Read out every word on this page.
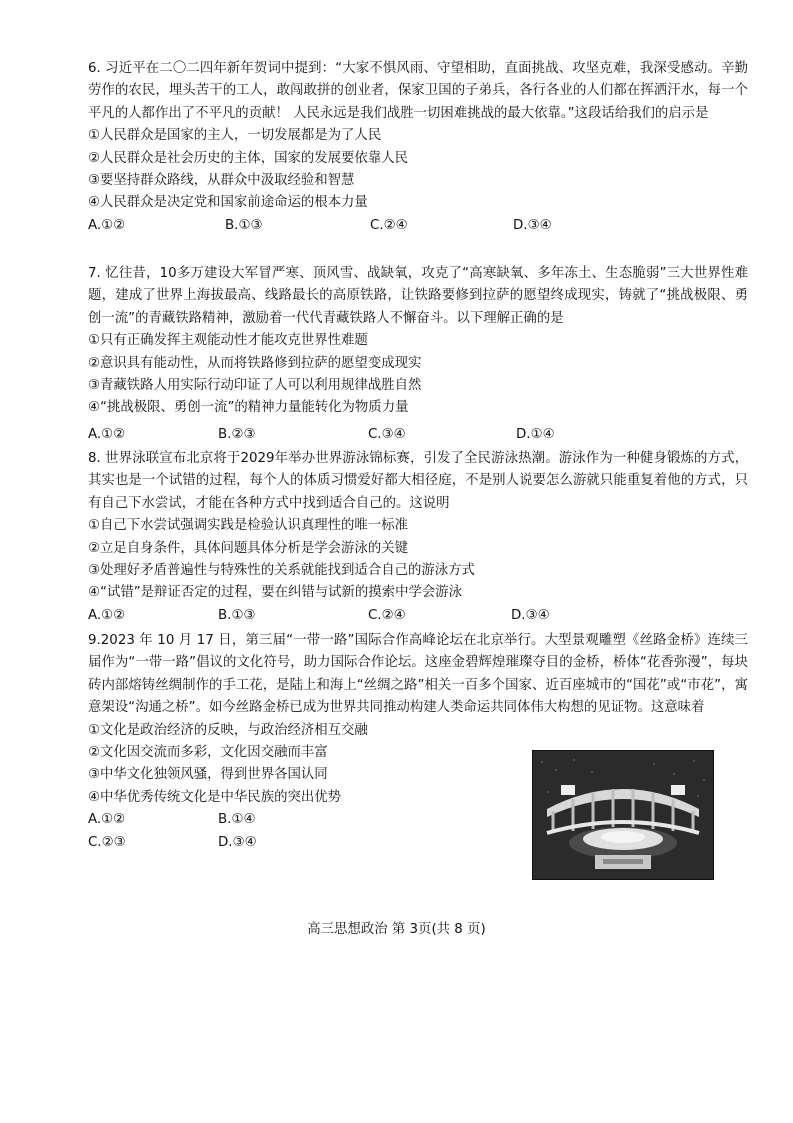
6. 习近平在二〇二四年新年贺词中提到：“大家不惧风雨、守望相助，直面挑战、攻坚克难，我深受感动。辛勤劳作的农民，埋头苦干的工人，敢闯敢拼的创业者，保家卫国的子弟兵，各行各业的人们都在挥洒汗水，每一个平凡的人都作出了不平凡的贡献！ 人民永远是我们战胜一切困难挑战的最大依靠。”这段话给我们的启示是

①人民群众是国家的主人，一切发展都是为了人民

②人民群众是社会历史的主体，国家的发展要依靠人民

③要坚持群众路线，从群众中汲取经验和智慧

④人民群众是决定党和国家前途命运的根本力量

A.①②	B.①③	C.②④	D.③④

7. 忆往昔，10多万建设大军冒严寒、顶风雪、战缺氧，攻克了“高寒缺氧、多年冻土、生态脆弱”三大世界性难题，建成了世界上海拔最高、线路最长的高原铁路，让铁路要修到拉萨的愿望终成现实，铸就了“挑战极限、勇创一流”的青藏铁路精神，激励着一代代青藏铁路人不懈奋斗。以下理解正确的是

①只有正确发挥主观能动性才能攻克世界性难题

②意识具有能动性，从而将铁路修到拉萨的愿望变成现实

③青藏铁路人用实际行动印证了人可以利用规律战胜自然

④“挑战极限、勇创一流”的精神力量能转化为物质力量

A.①②	B.②③	C.③④	D.①④

8. 世界泳联宣布北京将于2029年举办世界游泳锦标赛，引发了全民游泳热潮。游泳作为一种健身锻炼的方式，其实也是一个试错的过程，每个人的体质习惯爱好都大相径庭，不是别人说要怎么游就只能重复着他的方式，只有自己下水尝试，才能在各种方式中找到适合自己的。这说明

①自己下水尝试强调实践是检验认识真理性的唯一标准

②立足自身条件，具体问题具体分析是学会游泳的关键

③处理好矛盾普遍性与特殊性的关系就能找到适合自己的游泳方式

④“试错”是辩证否定的过程，要在纠错与试新的摸索中学会游泳

A.①②	B.①③	C.②④	D.③④

9.2023 年 10 月 17 日，第三届“一带一路”国际合作高峰论坛在北京举行。大型景观雕塑《丝路金桥》连续三届作为“一带一路”倡议的文化符号，助力国际合作论坛。这座金碧辉煌璀璨夺目的金桥，桥体“花香弥漫”，每块砖内部熔铸丝绸制作的手工花，是陆上和海上“丝绸之路”相关一百多个国家、近百座城市的“国花”或“市花”，寓意架设“沟通之桥”。如今丝路金桥已成为世界共同推动构建人类命运共同体伟大构想的见证物。这意味着

①文化是政治经济的反映，与政治经济相互交融

②文化因交流而多彩，文化因交融而丰富

③中华文化独领风骚，得到世界各国认同

④中华优秀传统文化是中华民族的突出优势

A.①②	B.①④
C.②③	D.③④
高三思想政治 第 3页(共 8 页)
